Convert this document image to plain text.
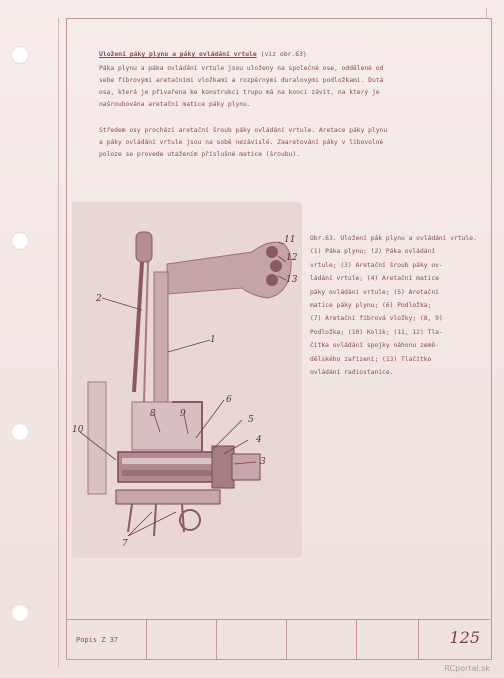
Uložení páky plynu a páky ovládání vrtule (viz obr.63)
Páka plynu a páka ovládání vrtule jsou uloženy na společné ose, oddělené od
sebe fíbrovými aretačními vložkami a rozpěrnými duralovými podložkami. Dutá
osa, která je přivařena ke konstrukci trupu má na konci závit, na který je
našroubována aretační matice páky plynu.
Středem osy prochází aretační šroub páky ovládání vrtule. Aretace páky plynu
a páky ovládání vrtule jsou na sobě nezávislé. Zaaretování páky v libovolné
poloze se provede utažením příslušné matice (šroubu).
1
2
3
4
5
6
7
8	9
10
11
12
13
Obr.63. Uložení pák plynu a ovládání vrtule.
(1) Páka plynu; (2) Páka ovládání
vrtule; (3) Aretační šroub páky ov-
ládání vrtule; (4) Aretační matice
páky ovládání vrtule; (5) Aretační
matice páky plynu; (6) Podložka;
(7) Aretační fíbrová vložky; (8, 9)
Podložka; (10) Kolík; (11, 12) Tla-
čítka ovládání spojky náhonu země-
dělského zařízení; (13) Tlačítko
ovládání radiostanice.
Popis Z 37	125
RCportal.sk
